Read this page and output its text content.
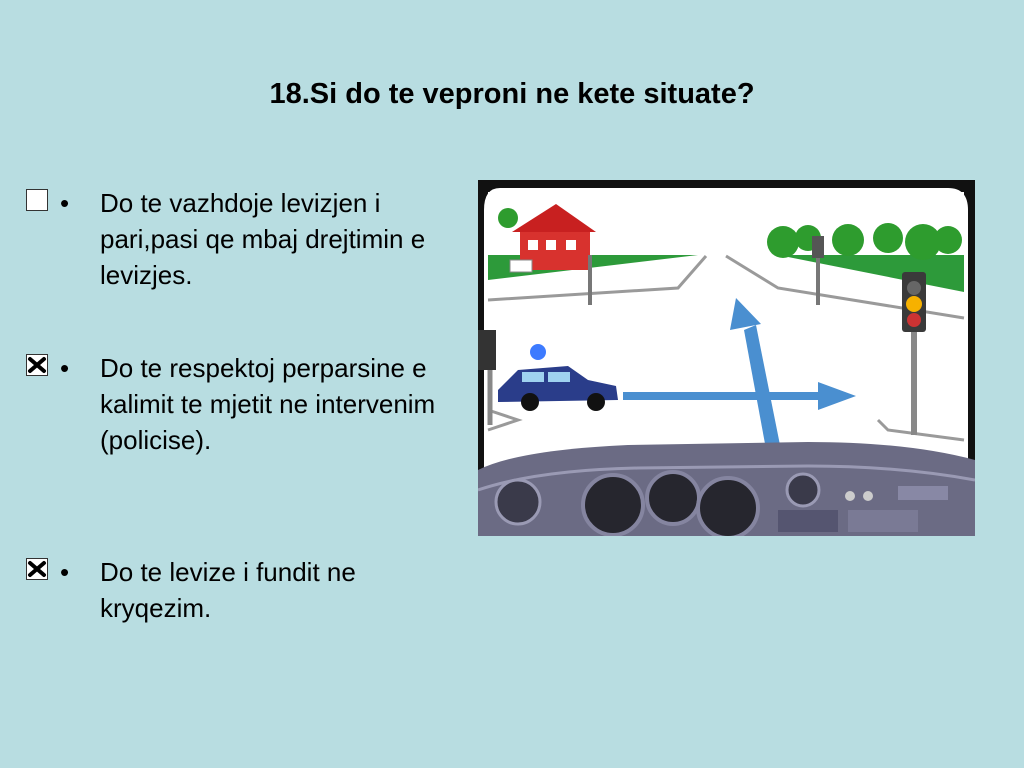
18.Si do te veproni ne kete situate?
• Do te vazhdoje levizjen i pari,pasi qe mbaj drejtimin e levizjes.
• Do te respektoj perparsine e kalimit te mjetit ne intervenim (policise).
• Do te levize i fundit ne kryqezim.
